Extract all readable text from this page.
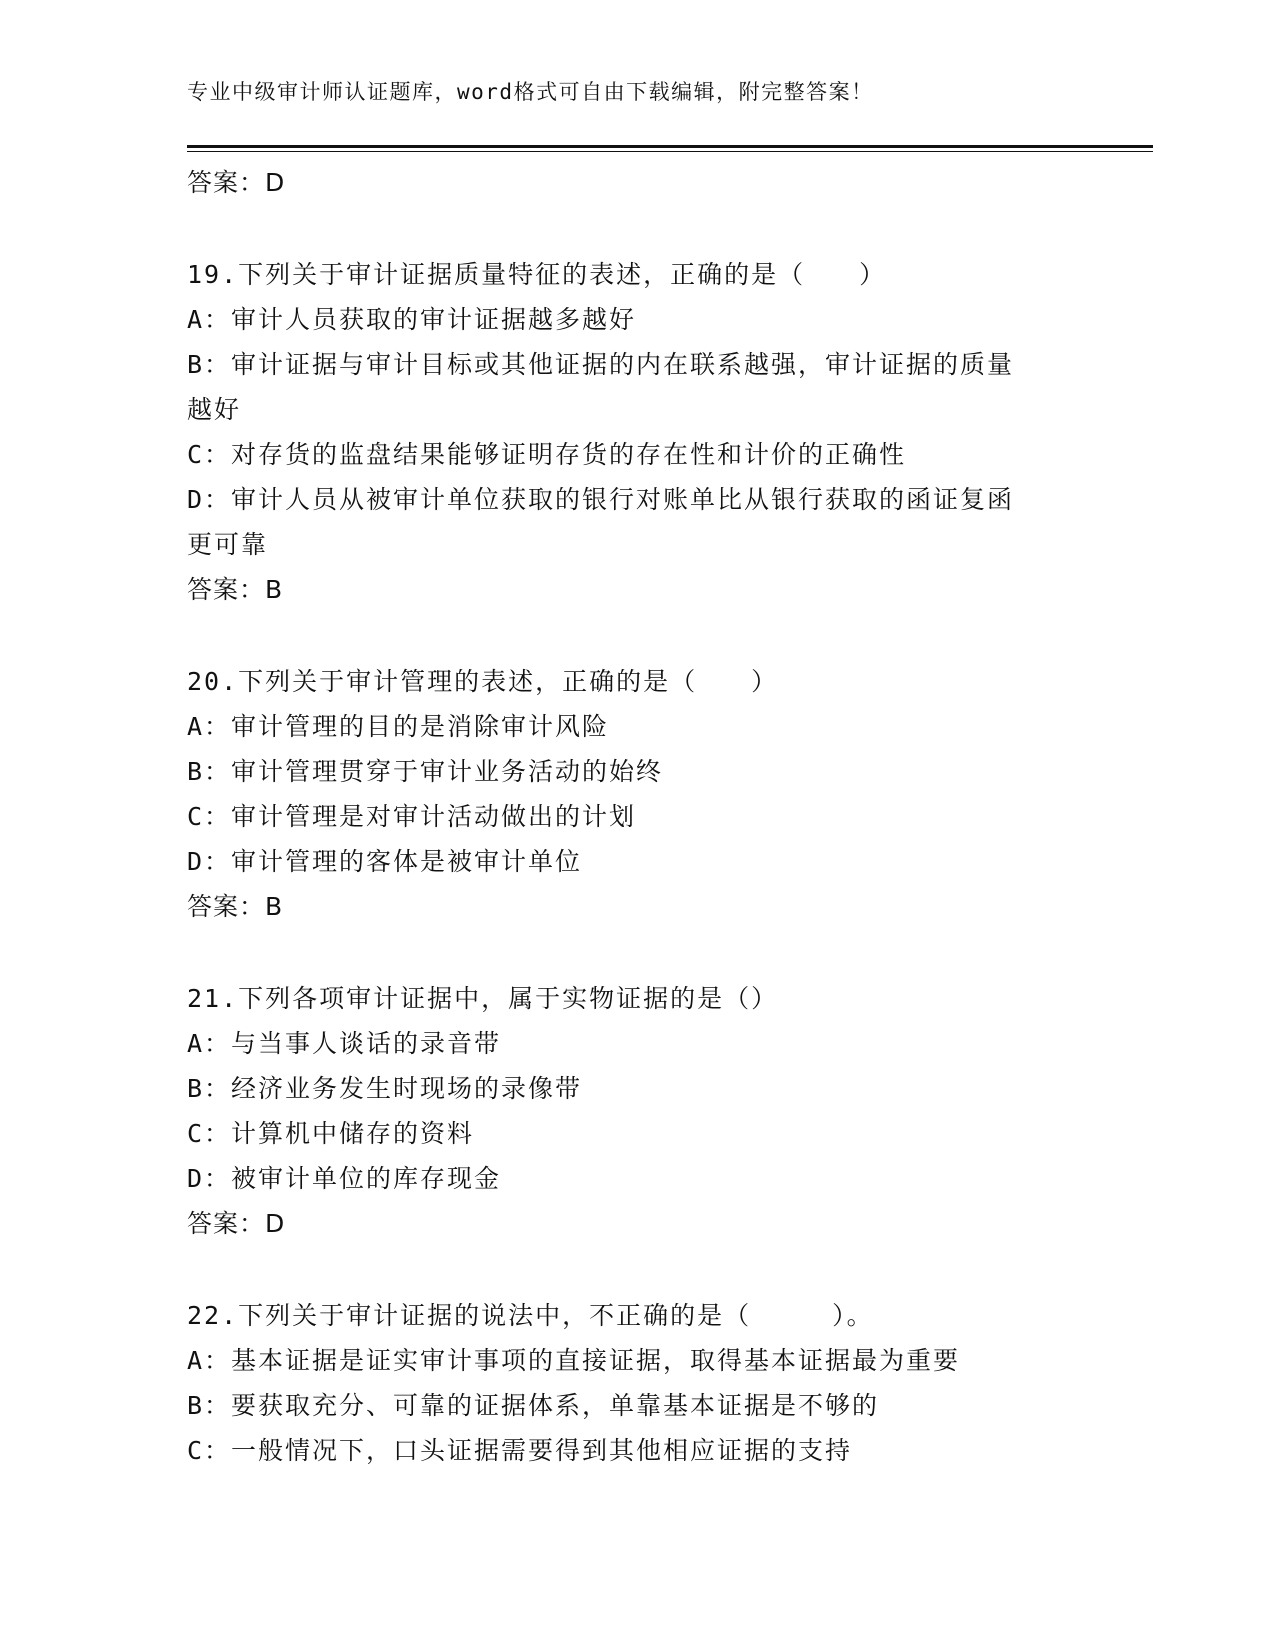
专业中级审计师认证题库，word格式可自由下载编辑，附完整答案！
答案：D
19.下列关于审计证据质量特征的表述，正确的是（　　）
A：审计人员获取的审计证据越多越好
B：审计证据与审计目标或其他证据的内在联系越强，审计证据的质量
越好
C：对存货的监盘结果能够证明存货的存在性和计价的正确性
D：审计人员从被审计单位获取的银行对账单比从银行获取的函证复函
更可靠
答案：B
20.下列关于审计管理的表述，正确的是（　　）
A：审计管理的目的是消除审计风险
B：审计管理贯穿于审计业务活动的始终
C：审计管理是对审计活动做出的计划
D：审计管理的客体是被审计单位
答案：B
21.下列各项审计证据中，属于实物证据的是（）
A：与当事人谈话的录音带
B：经济业务发生时现场的录像带
C：计算机中储存的资料
D：被审计单位的库存现金
答案：D
22.下列关于审计证据的说法中，不正确的是（　　　）。
A：基本证据是证实审计事项的直接证据，取得基本证据最为重要
B：要获取充分、可靠的证据体系，单靠基本证据是不够的
C：一般情况下，口头证据需要得到其他相应证据的支持
